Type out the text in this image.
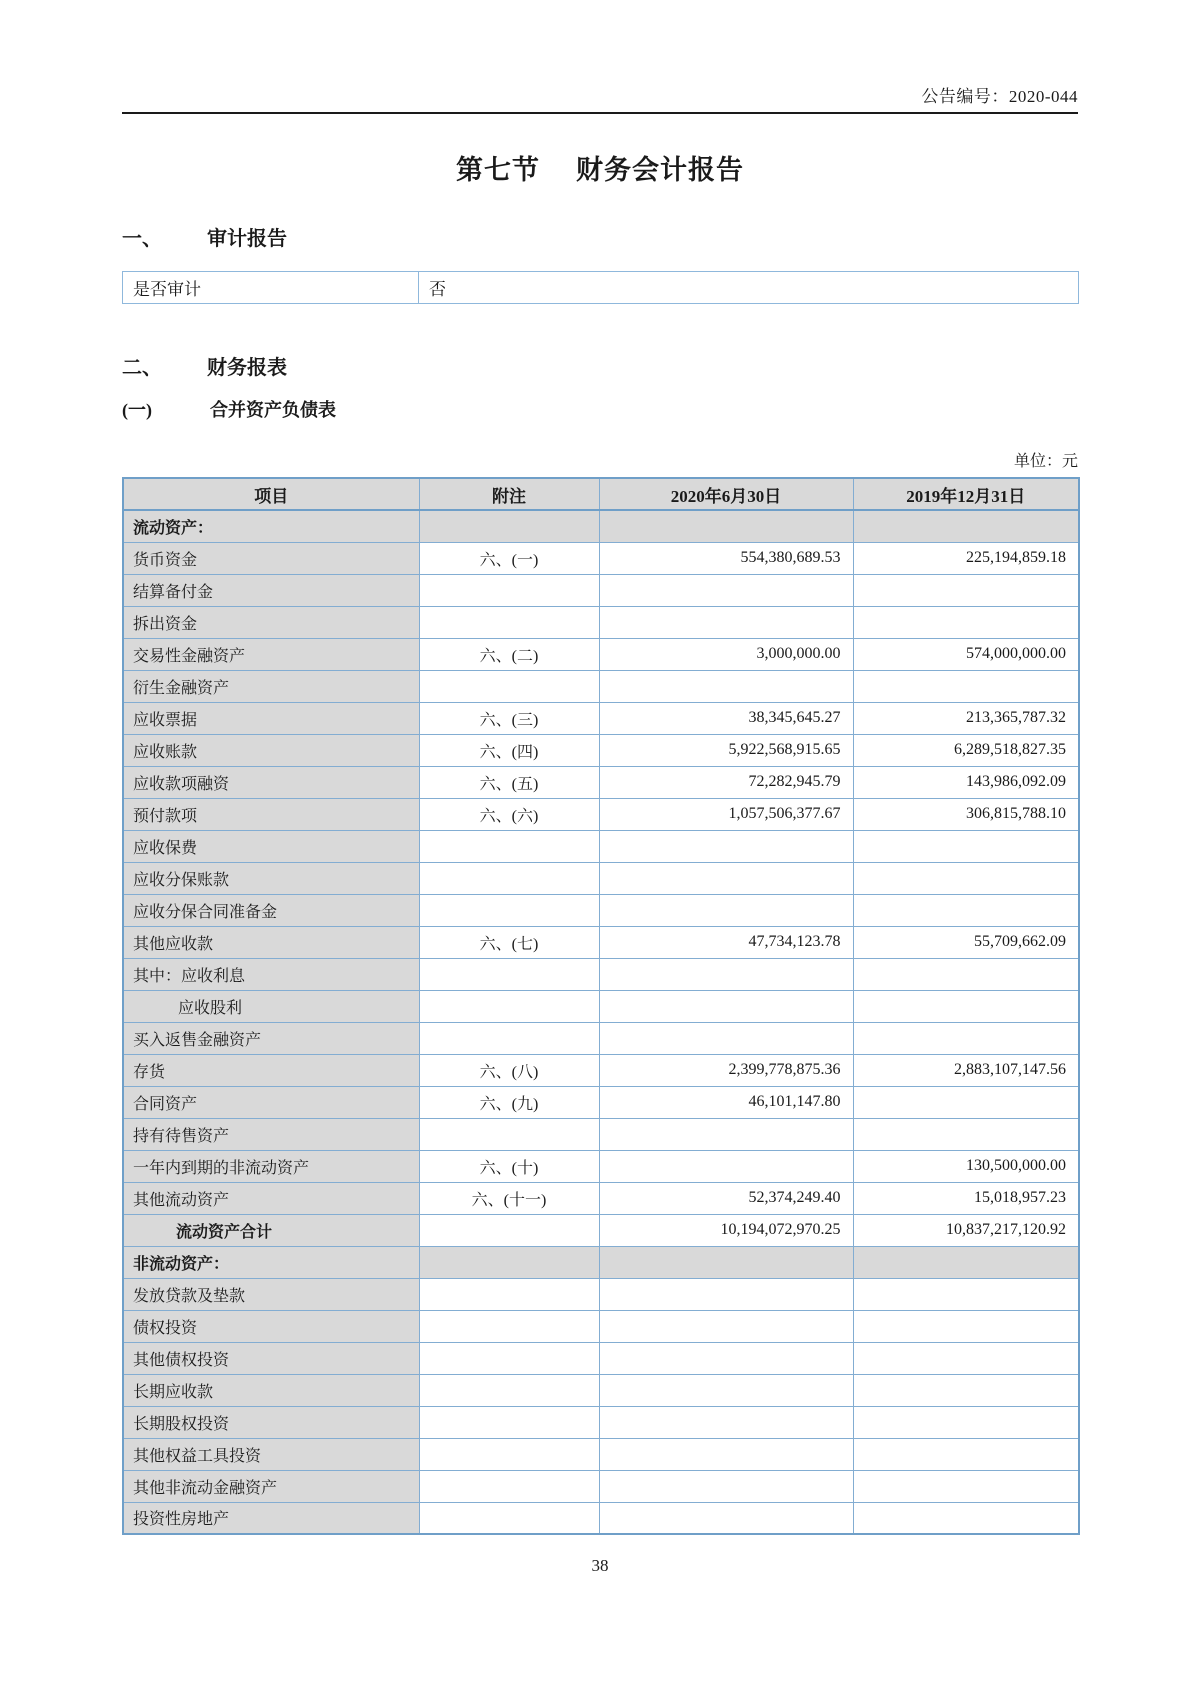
公告编号：2020-044
第七节 财务会计报告
一、 审计报告
是否审计	否
二、 财务报表
(一)	合并资产负债表
单位：元
项目	附注	2020年6月30日	2019年12月31日
流动资产：			
货币资金	六、(一)	554,380,689.53	225,194,859.18
结算备付金			
拆出资金			
交易性金融资产	六、(二)	3,000,000.00	574,000,000.00
衍生金融资产			
应收票据	六、(三)	38,345,645.27	213,365,787.32
应收账款	六、(四)	5,922,568,915.65	6,289,518,827.35
应收款项融资	六、(五)	72,282,945.79	143,986,092.09
预付款项	六、(六)	1,057,506,377.67	306,815,788.10
应收保费			
应收分保账款			
应收分保合同准备金			
其他应收款	六、(七)	47,734,123.78	55,709,662.09
其中：应收利息			
应收股利			
买入返售金融资产			
存货	六、(八)	2,399,778,875.36	2,883,107,147.56
合同资产	六、(九)	46,101,147.80	
持有待售资产			
一年内到期的非流动资产	六、(十)		130,500,000.00
其他流动资产	六、(十一)	52,374,249.40	15,018,957.23
流动资产合计		10,194,072,970.25	10,837,217,120.92
非流动资产：			
发放贷款及垫款			
债权投资			
其他债权投资			
长期应收款			
长期股权投资			
其他权益工具投资			
其他非流动金融资产			
投资性房地产			
38
